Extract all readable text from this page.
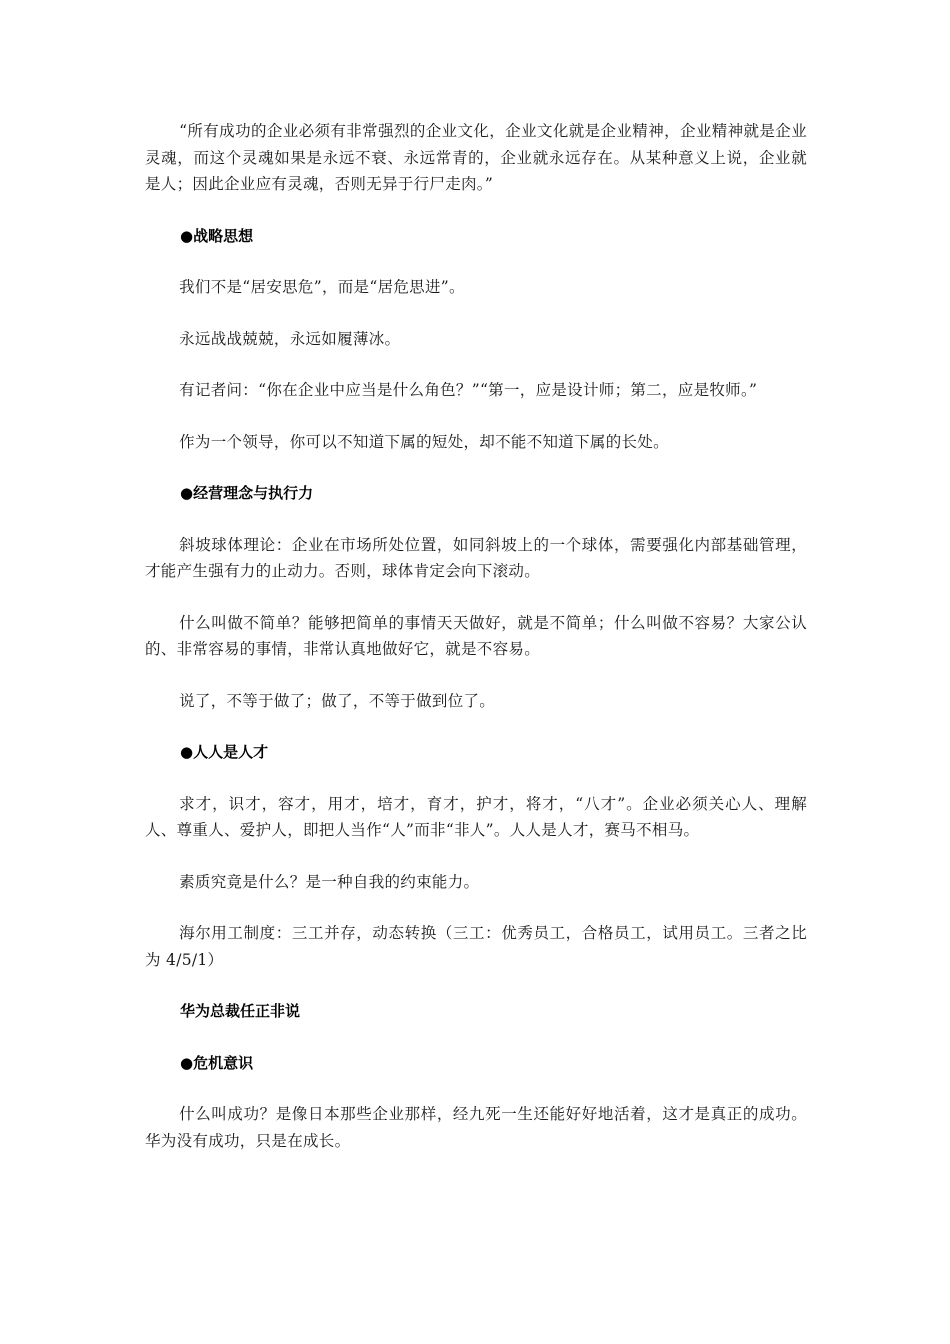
“所有成功的企业必须有非常强烈的企业文化，企业文化就是企业精神，企业精神就是企业灵魂，而这个灵魂如果是永远不衰、永远常青的，企业就永远存在。从某种意义上说，企业就是人；因此企业应有灵魂，否则无异于行尸走肉。”

●战略思想

我们不是“居安思危”，而是“居危思进”。

永远战战兢兢，永远如履薄冰。

有记者问：“你在企业中应当是什么角色？”“第一，应是设计师；第二，应是牧师。”

作为一个领导，你可以不知道下属的短处，却不能不知道下属的长处。

●经营理念与执行力

斜坡球体理论：企业在市场所处位置，如同斜坡上的一个球体，需要强化内部基础管理，才能产生强有力的止动力。否则，球体肯定会向下滚动。

什么叫做不简单？能够把简单的事情天天做好，就是不简单；什么叫做不容易？大家公认的、非常容易的事情，非常认真地做好它，就是不容易。

说了，不等于做了；做了，不等于做到位了。

●人人是人才

求才，识才，容才，用才，培才，育才，护才，将才，“八才”。企业必须关心人、理解人、尊重人、爱护人，即把人当作“人”而非“非人”。人人是人才，赛马不相马。

素质究竟是什么？是一种自我的约束能力。

海尔用工制度：三工并存，动态转换（三工：优秀员工，合格员工，试用员工。三者之比为 4/5/1）

华为总裁任正非说

●危机意识

什么叫成功？是像日本那些企业那样，经九死一生还能好好地活着，这才是真正的成功。华为没有成功，只是在成长。
